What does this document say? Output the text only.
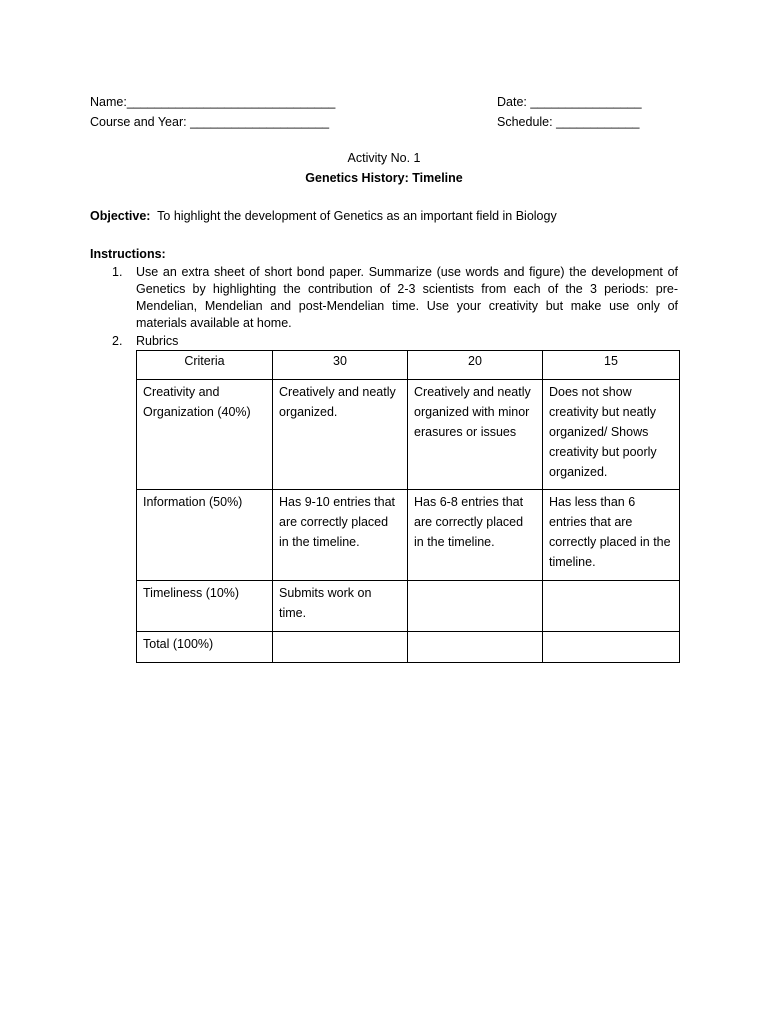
Name:______________________________	Date: ________________
Course and Year: ____________________	Schedule: ____________
Activity No. 1
Genetics History: Timeline
Objective: To highlight the development of Genetics as an important field in Biology
Instructions:
1. Use an extra sheet of short bond paper. Summarize (use words and figure) the development of Genetics by highlighting the contribution of 2-3 scientists from each of the 3 periods: pre-Mendelian, Mendelian and post-Mendelian time. Use your creativity but make use only of materials available at home.
2. Rubrics
Criteria	30	20	15
Creativity and Organization (40%)	Creatively and neatly organized.	Creatively and neatly organized with minor erasures or issues	Does not show creativity but neatly organized/ Shows creativity but poorly organized.
Information (50%)	Has 9-10 entries that are correctly placed in the timeline.	Has 6-8 entries that are correctly placed in the timeline.	Has less than 6 entries that are correctly placed in the timeline.
Timeliness (10%)	Submits work on time.		
Total (100%)			
